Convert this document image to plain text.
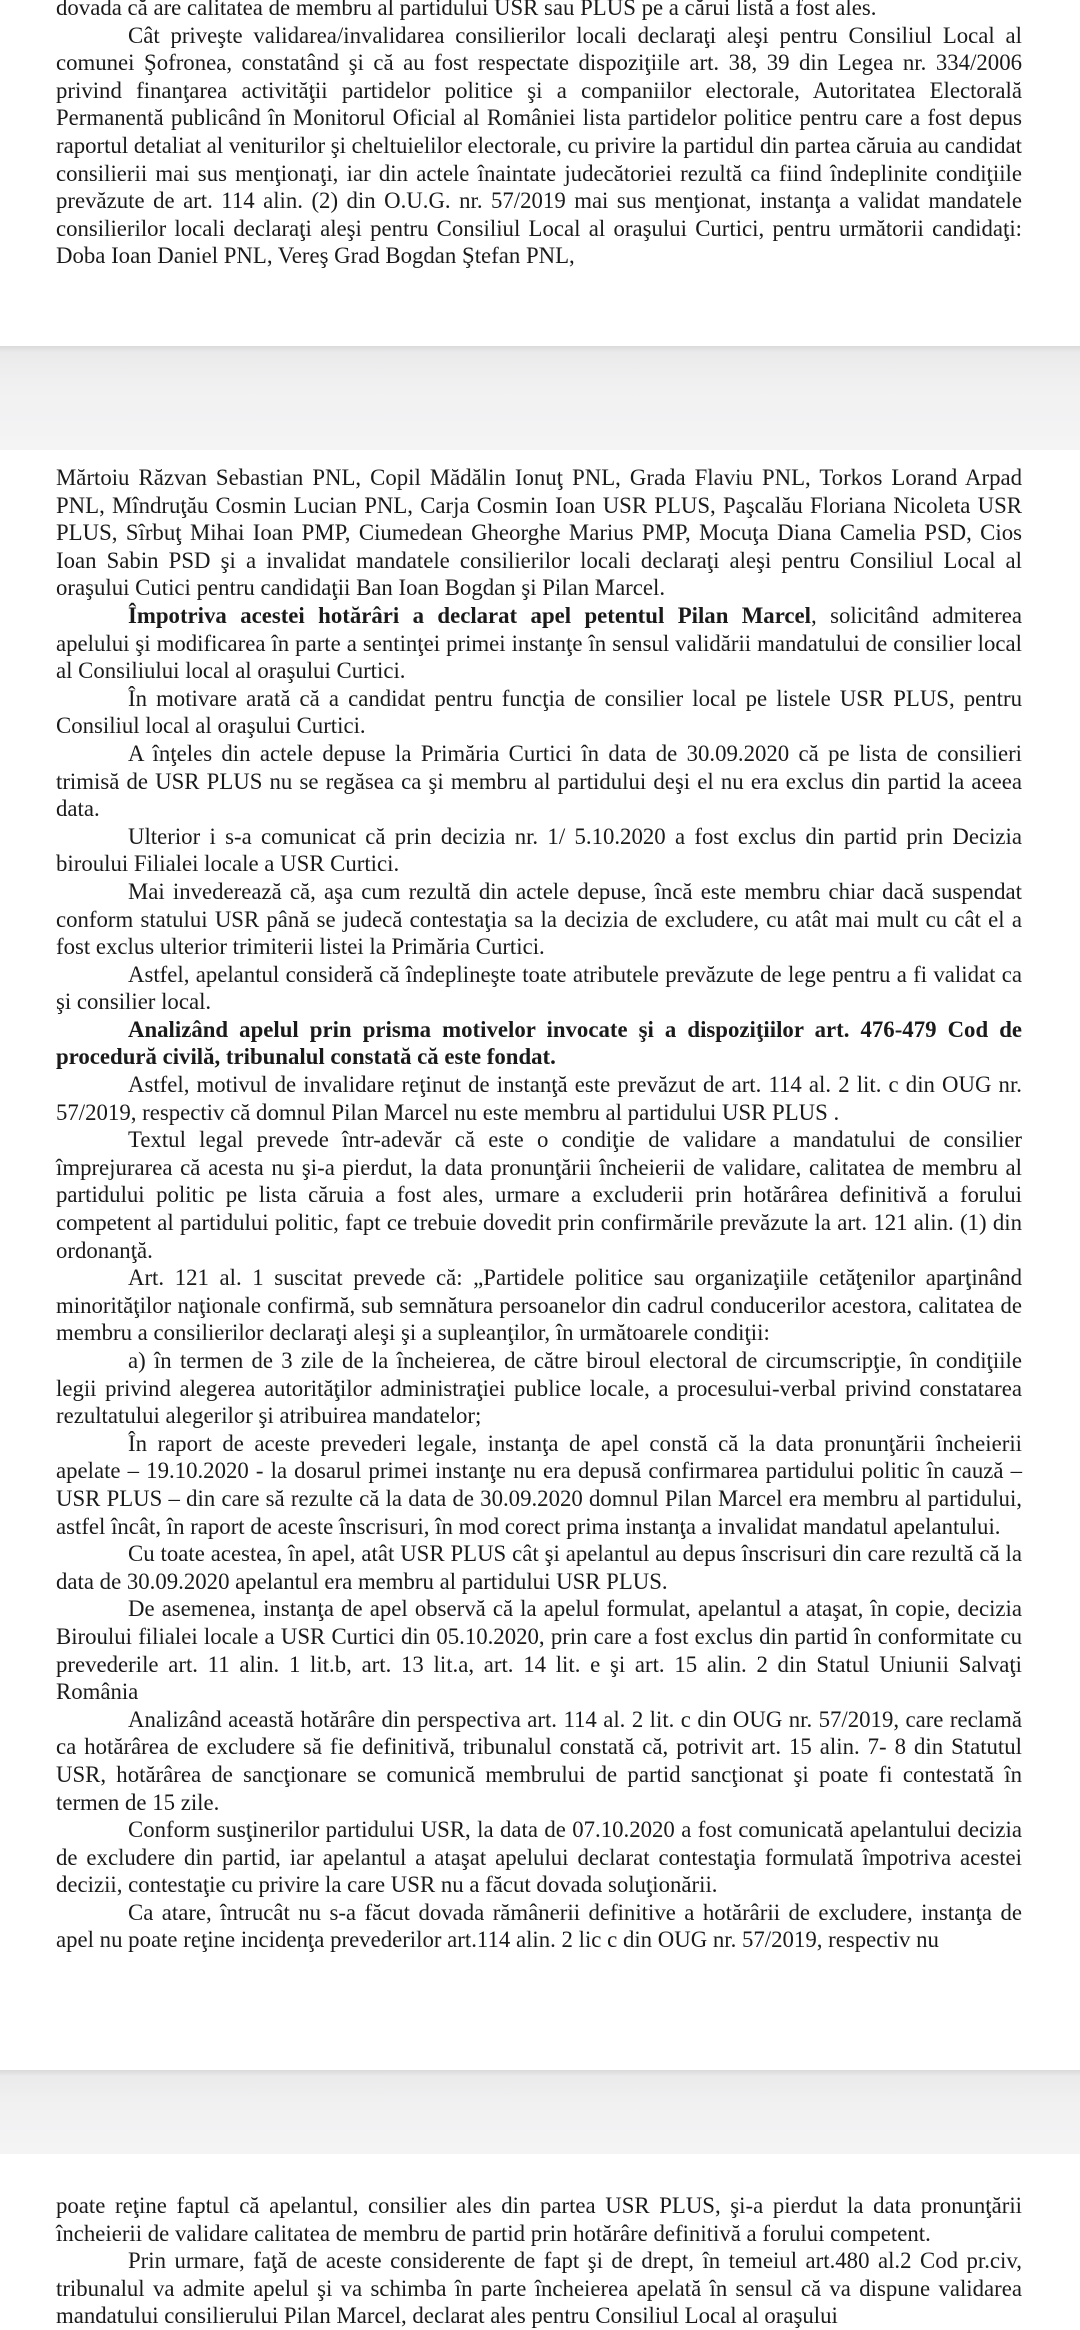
dovada că are calitatea de membru al partidului USR sau PLUS pe a cărui listă a fost ales.

Cât priveşte validarea/invalidarea consilierilor locali declaraţi aleşi pentru Consiliul Local al comunei Şofronea, constatând şi că au fost respectate dispoziţiile art. 38, 39 din Legea nr. 334/2006 privind finanţarea activităţii partidelor politice şi a companiilor electorale, Autoritatea Electorală Permanentă publicând în Monitorul Oficial al României lista partidelor politice pentru care a fost depus raportul detaliat al veniturilor şi cheltuielilor electorale, cu privire la partidul din partea căruia au candidat consilierii mai sus menţionaţi, iar din actele înaintate judecătoriei rezultă ca fiind îndeplinite condiţiile prevăzute de art. 114 alin. (2) din O.U.G. nr. 57/2019 mai sus menţionat, instanţa a validat mandatele consilierilor locali declaraţi aleşi pentru Consiliul Local al oraşului Curtici, pentru următorii candidaţi: Doba Ioan Daniel PNL, Vereş Grad Bogdan Ştefan PNL,

Mărtoiu Răzvan Sebastian PNL, Copil Mădălin Ionuţ PNL, Grada Flaviu PNL, Torkos Lorand Arpad PNL, Mîndruţău Cosmin Lucian PNL, Carja Cosmin Ioan USR PLUS, Paşcalău Floriana Nicoleta USR PLUS, Sîrbuţ Mihai Ioan PMP, Ciumedean Gheorghe Marius PMP, Mocuţa Diana Camelia PSD, Cios Ioan Sabin PSD şi a invalidat mandatele consilierilor locali declaraţi aleşi pentru Consiliul Local al oraşului Cutici pentru candidaţii Ban Ioan Bogdan şi Pilan Marcel.

Împotriva acestei hotărâri a declarat apel petentul Pilan Marcel, solicitând admiterea apelului şi modificarea în parte a sentinţei primei instanţe în sensul validării mandatului de consilier local al Consiliului local al oraşului Curtici.

În motivare arată că a candidat pentru funcţia de consilier local pe listele USR PLUS, pentru Consiliul local al oraşului Curtici.

A înţeles din actele depuse la Primăria Curtici în data de 30.09.2020 că pe lista de consilieri trimisă de USR PLUS nu se regăsea ca şi membru al partidului deşi el nu era exclus din partid la aceea data.

Ulterior i s-a comunicat că prin decizia nr. 1/ 5.10.2020 a fost exclus din partid prin Decizia biroului Filialei locale a USR Curtici.

Mai invederează că, aşa cum rezultă din actele depuse, încă este membru chiar dacă suspendat conform statului USR până se judecă contestaţia sa la decizia de excludere, cu atât mai mult cu cât el a fost exclus ulterior trimiterii listei la Primăria Curtici.

Astfel, apelantul consideră că îndeplineşte toate atributele prevăzute de lege pentru a fi validat ca şi consilier local.

Analizând apelul prin prisma motivelor invocate şi a dispoziţiilor art. 476-479 Cod de procedură civilă, tribunalul constată că este fondat.

Astfel, motivul de invalidare reţinut de instanţă este prevăzut de art. 114 al. 2 lit. c din OUG nr. 57/2019, respectiv că domnul Pilan Marcel nu este membru al partidului USR PLUS .

Textul legal prevede într-adevăr că este o condiţie de validare a mandatului de consilier împrejurarea că acesta nu şi-a pierdut, la data pronunţării încheierii de validare, calitatea de membru al partidului politic pe lista căruia a fost ales, urmare a excluderii prin hotărârea definitivă a forului competent al partidului politic, fapt ce trebuie dovedit prin confirmările prevăzute la art. 121 alin. (1) din ordonanţă.

Art. 121 al. 1 suscitat prevede că: „Partidele politice sau organizaţiile cetăţenilor aparţinând minorităţilor naţionale confirmă, sub semnătura persoanelor din cadrul conducerilor acestora, calitatea de membru a consilierilor declaraţi aleşi şi a supleanţilor, în următoarele condiţii:

a) în termen de 3 zile de la încheierea, de către biroul electoral de circumscripţie, în condiţiile legii privind alegerea autorităţilor administraţiei publice locale, a procesului-verbal privind constatarea rezultatului alegerilor şi atribuirea mandatelor;

În raport de aceste prevederi legale, instanţa de apel constă că la data pronunţării încheierii apelate – 19.10.2020 - la dosarul primei instanţe nu era depusă confirmarea partidului politic în cauză – USR PLUS – din care să rezulte că la data de 30.09.2020 domnul Pilan Marcel era membru al partidului, astfel încât, în raport de aceste înscrisuri, în mod corect prima instanţa a invalidat mandatul apelantului.

Cu toate acestea, în apel, atât USR PLUS cât şi apelantul au depus înscrisuri din care rezultă că la data de 30.09.2020 apelantul era membru al partidului USR PLUS.

De asemenea, instanţa de apel observă că la apelul formulat, apelantul a ataşat, în copie, decizia Biroului filialei locale a USR Curtici din 05.10.2020, prin care a fost exclus din partid în conformitate cu prevederile art. 11 alin. 1 lit.b, art. 13 lit.a, art. 14 lit. e şi art. 15 alin. 2 din Statul Uniunii Salvaţi România

Analizând această hotărâre din perspectiva art. 114 al. 2 lit. c din OUG nr. 57/2019, care reclamă ca hotărârea de excludere să fie definitivă, tribunalul constată că, potrivit art. 15 alin. 7- 8 din Statutul USR, hotărârea de sancţionare se comunică membrului de partid sancţionat şi poate fi contestată în termen de 15 zile.

Conform susţinerilor partidului USR, la data de 07.10.2020 a fost comunicată apelantului decizia de excludere din partid, iar apelantul a ataşat apelului declarat contestaţia formulată împotriva acestei decizii, contestaţie cu privire la care USR nu a făcut dovada soluţionării.

Ca atare, întrucât nu s-a făcut dovada rămânerii definitive a hotărârii de excludere, instanţa de apel nu poate reţine incidenţa prevederilor art.114 alin. 2 lic c din OUG nr. 57/2019, respectiv nu

poate reţine faptul că apelantul, consilier ales din partea USR PLUS, şi-a pierdut la data pronunţării încheierii de validare calitatea de membru de partid prin hotărâre definitivă a forului competent.

Prin urmare, faţă de aceste considerente de fapt şi de drept, în temeiul art.480 al.2 Cod pr.civ, tribunalul va admite apelul şi va schimba în parte încheierea apelată în sensul că va dispune validarea mandatului consilierului Pilan Marcel, declarat ales pentru Consiliul Local al oraşului
